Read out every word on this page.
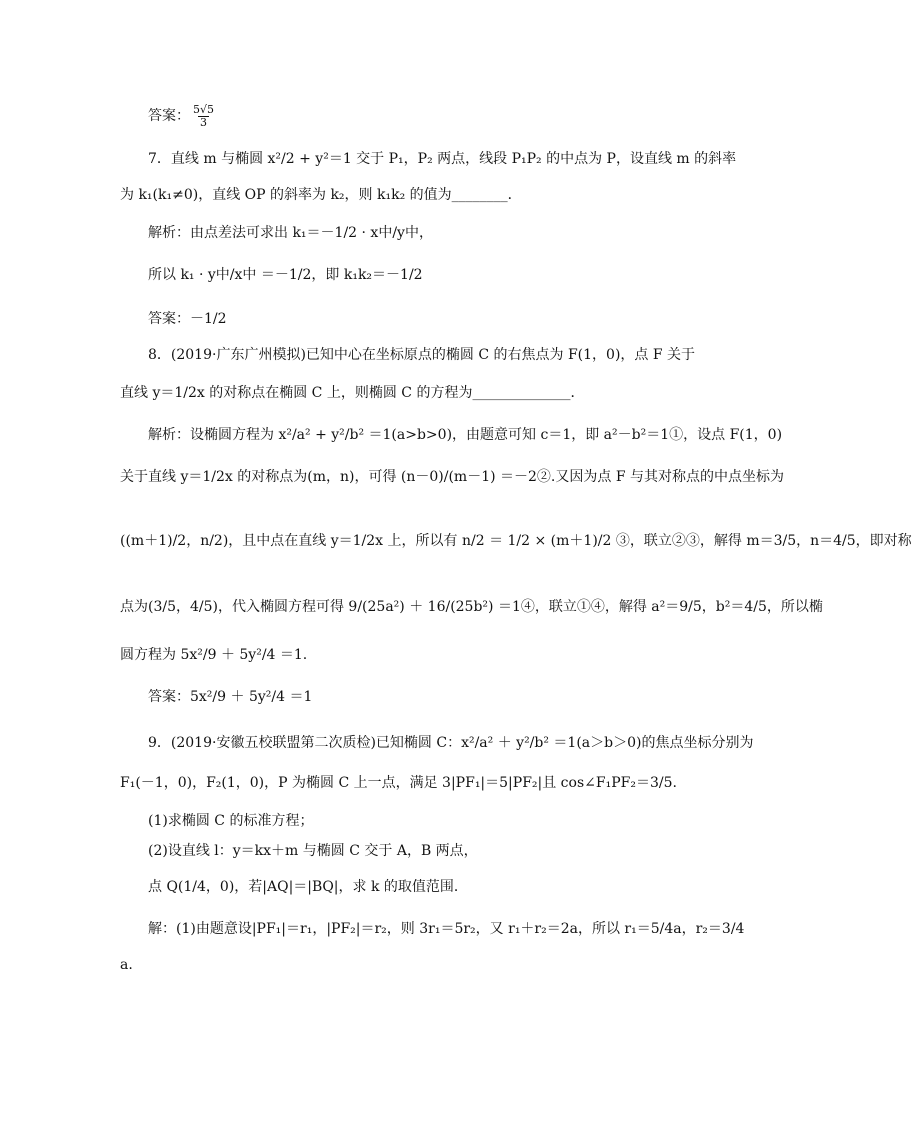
答案： $\frac{5√5}{3}$
7．直线 m 与椭圆 x²/2 + y²＝1 交于 P₁，P₂ 两点，线段 P₁P₂ 的中点为 P，设直线 m 的斜率
为 k₁(k₁≠0)，直线 OP 的斜率为 k₂，则 k₁k₂ 的值为________．
解析：由点差法可求出 k₁＝－1/2 · x中/y中，
所以 k₁ · y中/x中 ＝－1/2，即 k₁k₂＝－1/2
答案：－1/2
8．(2019·广东广州模拟)已知中心在坐标原点的椭圆 C 的右焦点为 F(1，0)，点 F 关于
直线 y＝1/2x 的对称点在椭圆 C 上，则椭圆 C 的方程为______________．
解析：设椭圆方程为 x²/a² + y²/b² ＝1(a>b>0)，由题意可知 c＝1，即 a²－b²＝1①，设点 F(1，0)
关于直线 y＝1/2x 的对称点为(m，n)，可得 (n－0)/(m－1) ＝－2②.又因为点 F 与其对称点的中点坐标为
((m＋1)/2，n/2)，且中点在直线 y＝1/2x 上，所以有 n/2 ＝ 1/2 × (m＋1)/2 ③，联立②③，解得 m＝3/5，n＝4/5，即对称
点为(3/5，4/5)，代入椭圆方程可得 9/(25a²) ＋ 16/(25b²) ＝1④，联立①④，解得 a²＝9/5，b²＝4/5，所以椭
圆方程为 5x²/9 ＋ 5y²/4 ＝1.
答案：5x²/9 ＋ 5y²/4 ＝1
9．(2019·安徽五校联盟第二次质检)已知椭圆 C：x²/a² ＋ y²/b² ＝1(a＞b＞0)的焦点坐标分别为
F₁(－1，0)，F₂(1，0)，P 为椭圆 C 上一点，满足 3|PF₁|＝5|PF₂|且 cos∠F₁PF₂＝3/5.
(1)求椭圆 C 的标准方程；
(2)设直线 l：y＝kx＋m 与椭圆 C 交于 A，B 两点，
点 Q(1/4，0)，若|AQ|＝|BQ|，求 k 的取值范围．
解：(1)由题意设|PF₁|＝r₁，|PF₂|＝r₂，则 3r₁＝5r₂，又 r₁＋r₂＝2a，所以 r₁＝5/4a，r₂＝3/4
a.
